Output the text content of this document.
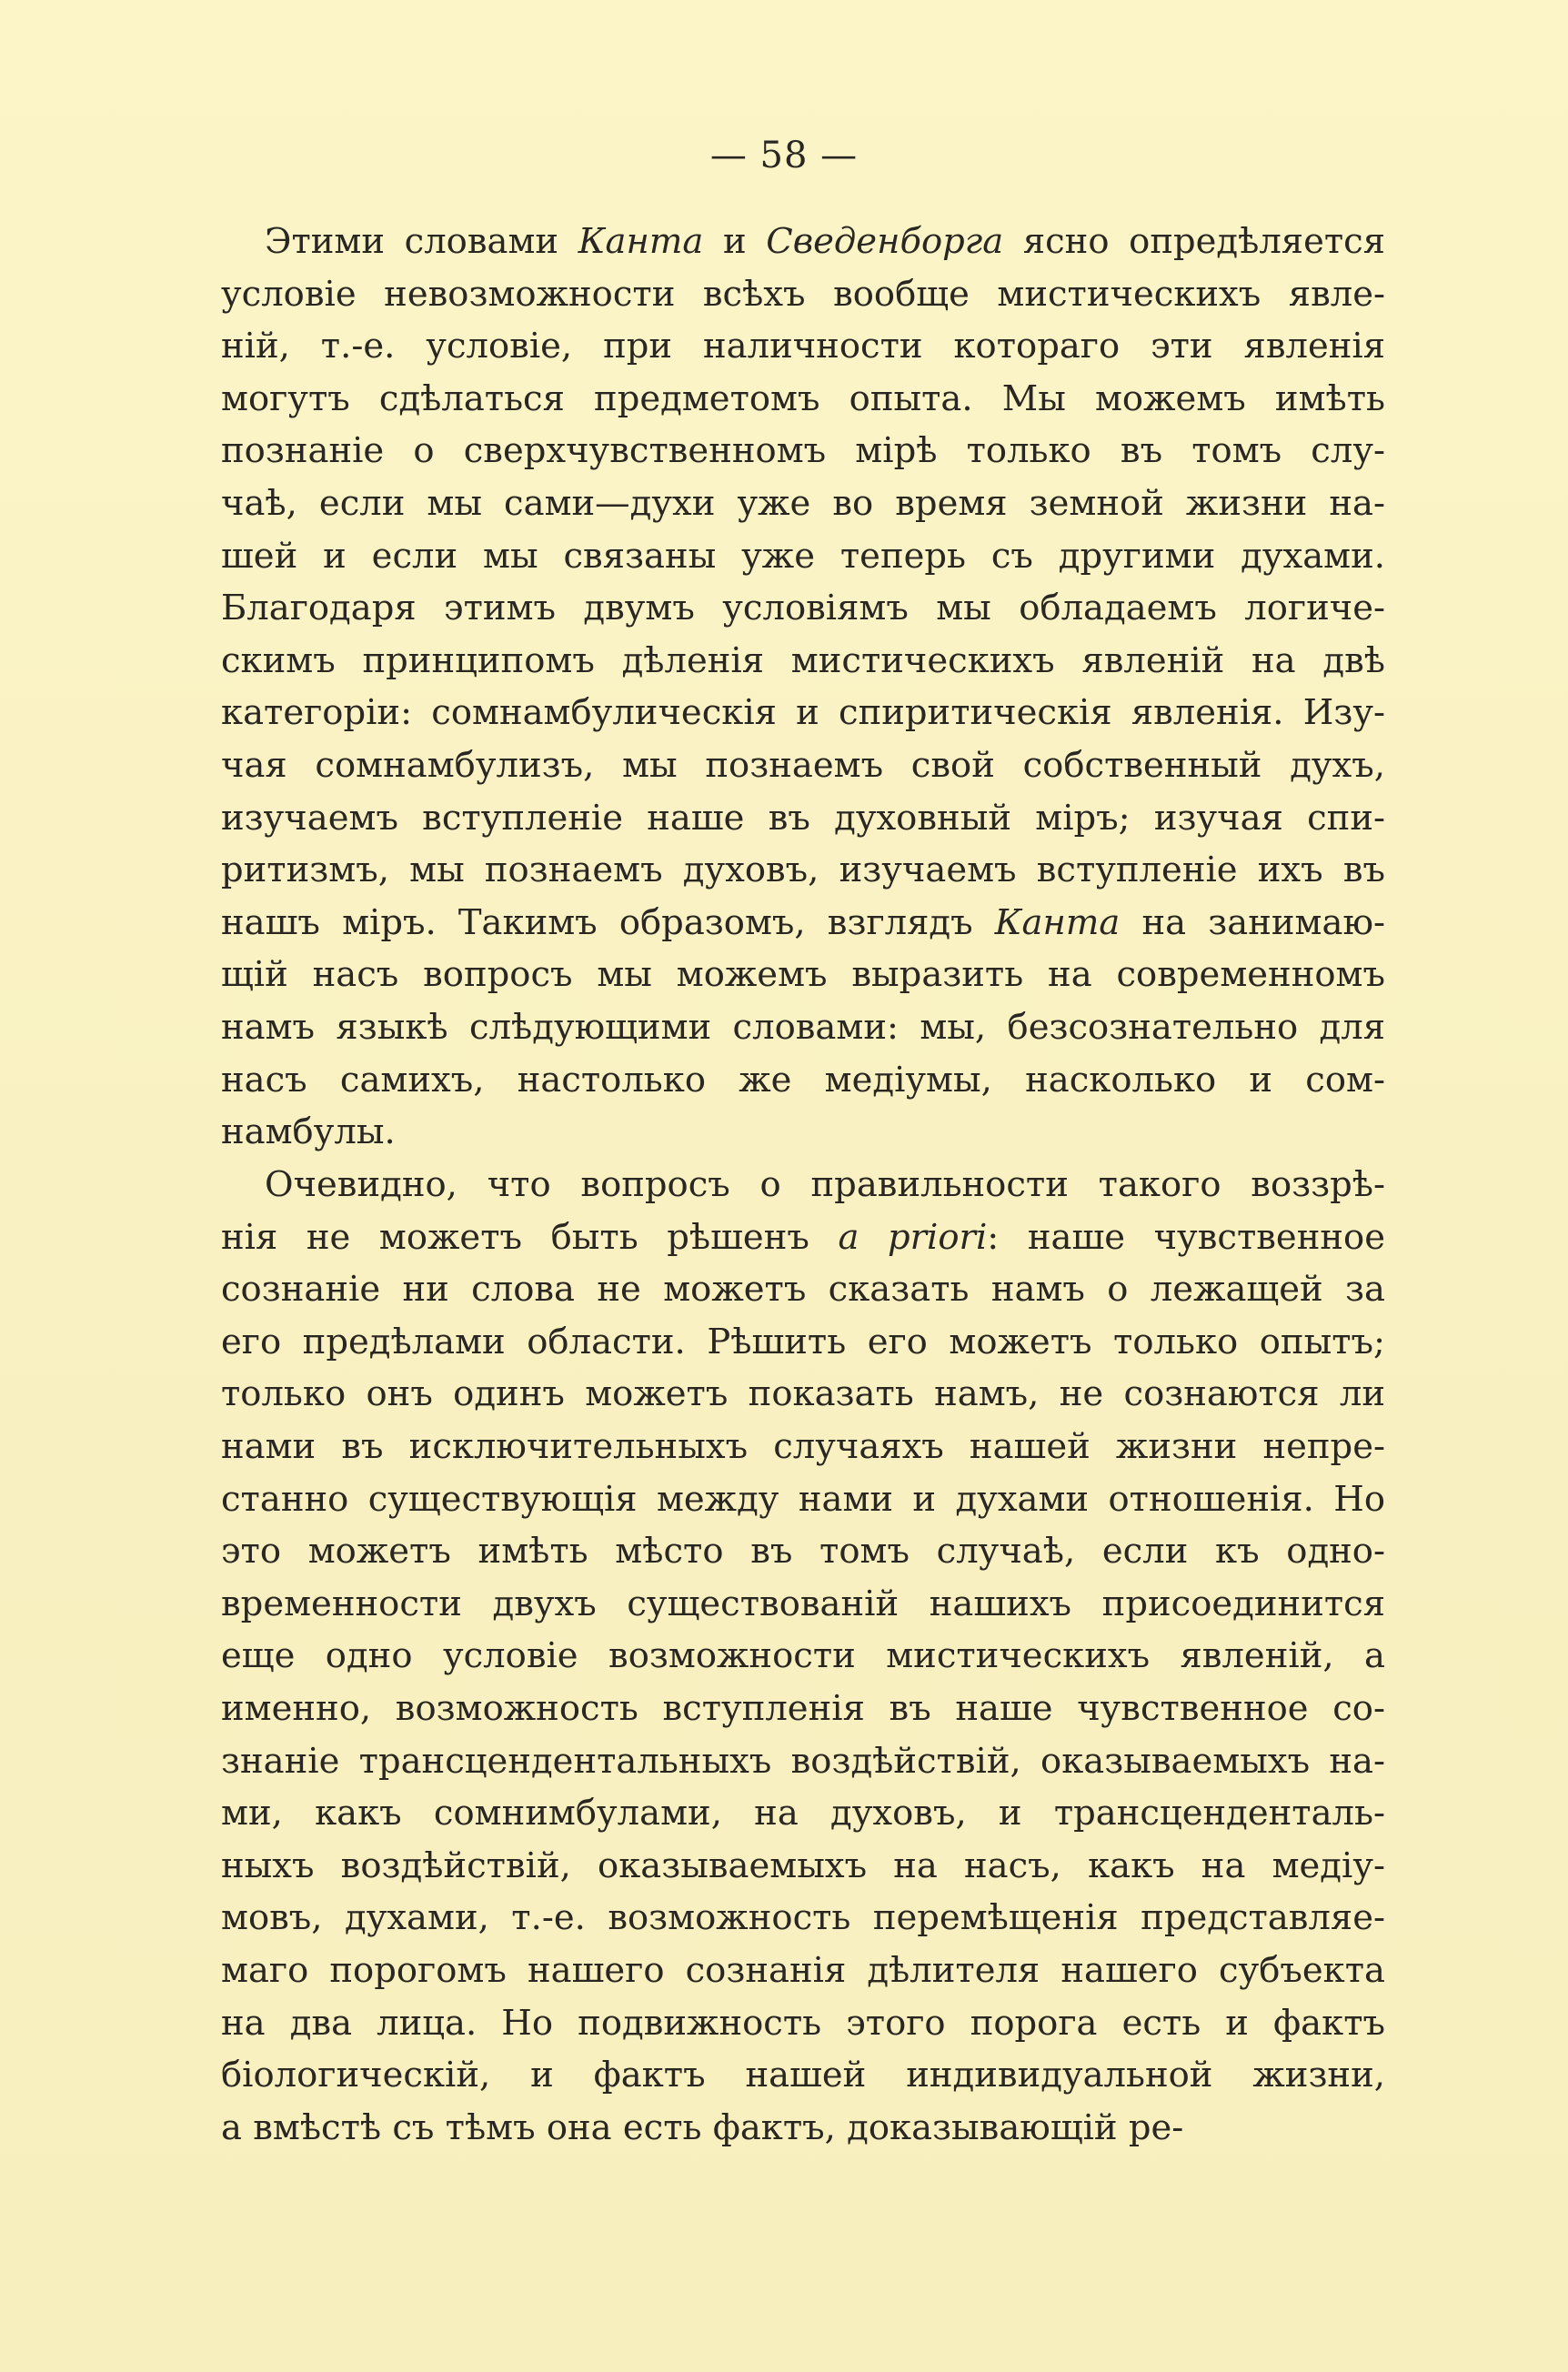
— 58 —
Этими словами Канта и Сведенборга ясно опредѣляется
условіе невозможности всѣхъ вообще мистическихъ явле-
ній, т.-е. условіе, при наличности котораго эти явленія
могутъ сдѣлаться предметомъ опыта. Мы можемъ имѣть
познаніе о сверхчувственномъ мірѣ только въ томъ слу-
чаѣ, если мы сами—духи уже во время земной жизни на-
шей и если мы связаны уже теперь съ другими духами.
Благодаря этимъ двумъ условіямъ мы обладаемъ логиче-
скимъ принципомъ дѣленія мистическихъ явленій на двѣ
категоріи: сомнамбулическія и спиритическія явленія. Изу-
чая сомнамбулизъ, мы познаемъ свой собственный духъ,
изучаемъ вступленіе наше въ духовный міръ; изучая спи-
ритизмъ, мы познаемъ духовъ, изучаемъ вступленіе ихъ въ
нашъ міръ. Такимъ образомъ, взглядъ Канта на занимаю-
щій насъ вопросъ мы можемъ выразить на современномъ
намъ языкѣ слѣдующими словами: мы, безсознательно для
насъ самихъ, настолько же медіумы, насколько и сом-
намбулы.
Очевидно, что вопросъ о правильности такого воззрѣ-
нія не можетъ быть рѣшенъ a priori: наше чувственное
сознаніе ни слова не можетъ сказать намъ о лежащей за
его предѣлами области. Рѣшить его можетъ только опытъ;
только онъ одинъ можетъ показать намъ, не сознаются ли
нами въ исключительныхъ случаяхъ нашей жизни непре-
станно существующія между нами и духами отношенія. Но
это можетъ имѣть мѣсто въ томъ случаѣ, если къ одно-
временности двухъ существованій нашихъ присоединится
еще одно условіе возможности мистическихъ явленій, а
именно, возможность вступленія въ наше чувственное со-
знаніе трансцендентальныхъ воздѣйствій, оказываемыхъ на-
ми, какъ сомнимбулами, на духовъ, и трансценденталь-
ныхъ воздѣйствій, оказываемыхъ на насъ, какъ на медіу-
мовъ, духами, т.-е. возможность перемѣщенія представляе-
маго порогомъ нашего сознанія дѣлителя нашего субъекта
на два лица. Но подвижность этого порога есть и фактъ
біологическій, и фактъ нашей индивидуальной жизни,
а вмѣстѣ съ тѣмъ она есть фактъ, доказывающій ре-
